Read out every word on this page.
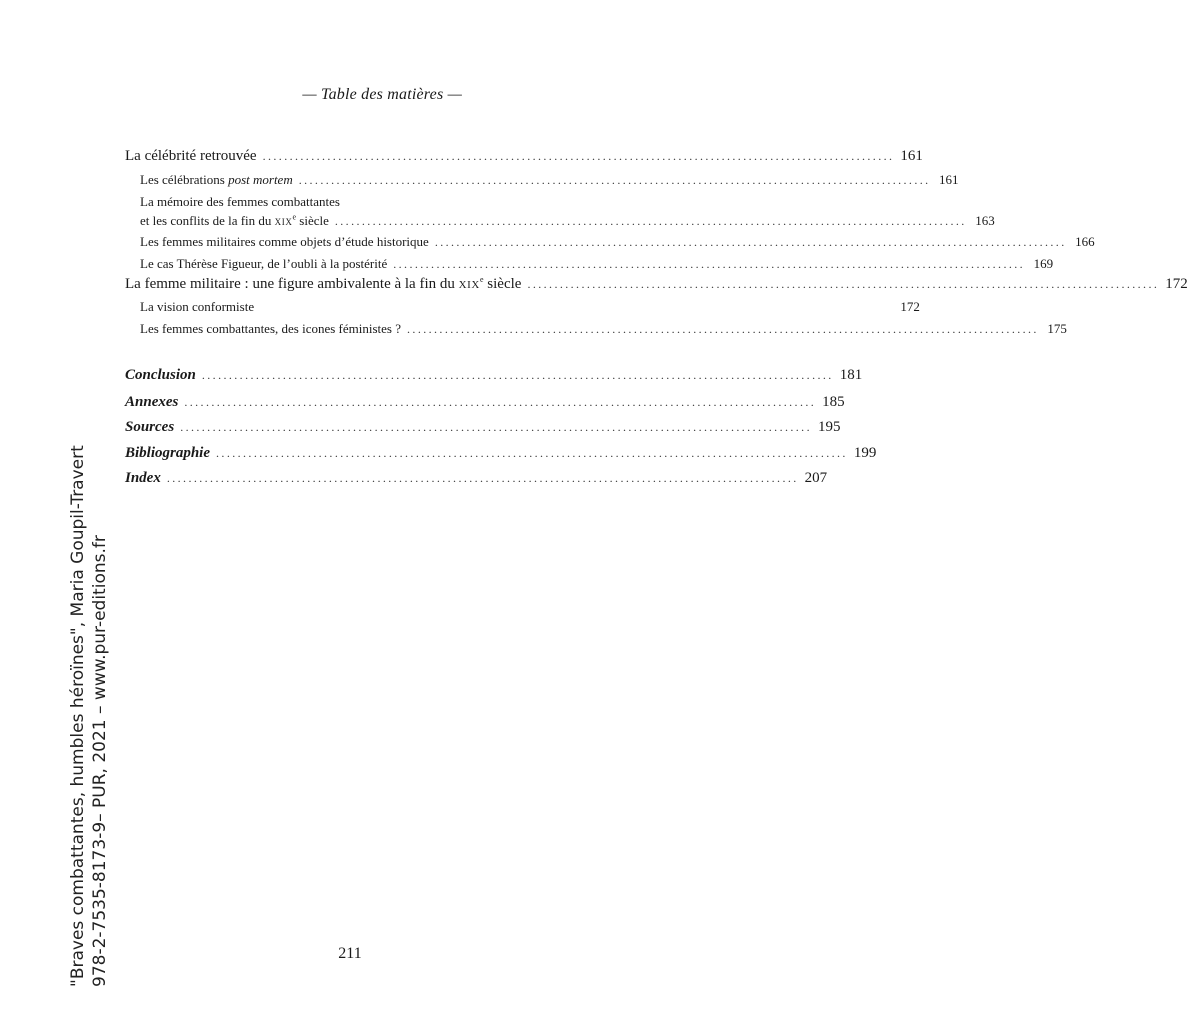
— Table des matières —
La célébrité retrouvée ..................................................................................................................... 161
Les célébrations post mortem ..................................................................................................................... 161
La mémoire des femmes combattantes
et les conflits de la fin du xix$^e$ siècle ..................................................................................................................... 163
Les femmes militaires comme objets d’étude historique ..................................................................................................................... 166
Le cas Thérèse Figueur, de l’oubli à la postérité ..................................................................................................................... 169
La femme militaire : une figure ambivalente à la fin du xix$^e$ siècle ..................................................................................................................... 172
La vision conformiste	172
Les femmes combattantes, des icones féministes ? ..................................................................................................................... 175
Conclusion ..................................................................................................................... 181
Annexes ..................................................................................................................... 185
Sources ..................................................................................................................... 195
Bibliographie ..................................................................................................................... 199
Index ..................................................................................................................... 207
"Braves combattantes, humbles héroïnes", Maria Goupil-Travert 978-2-7535-8173-9– PUR, 2021 – www.pur-editions.fr	211
